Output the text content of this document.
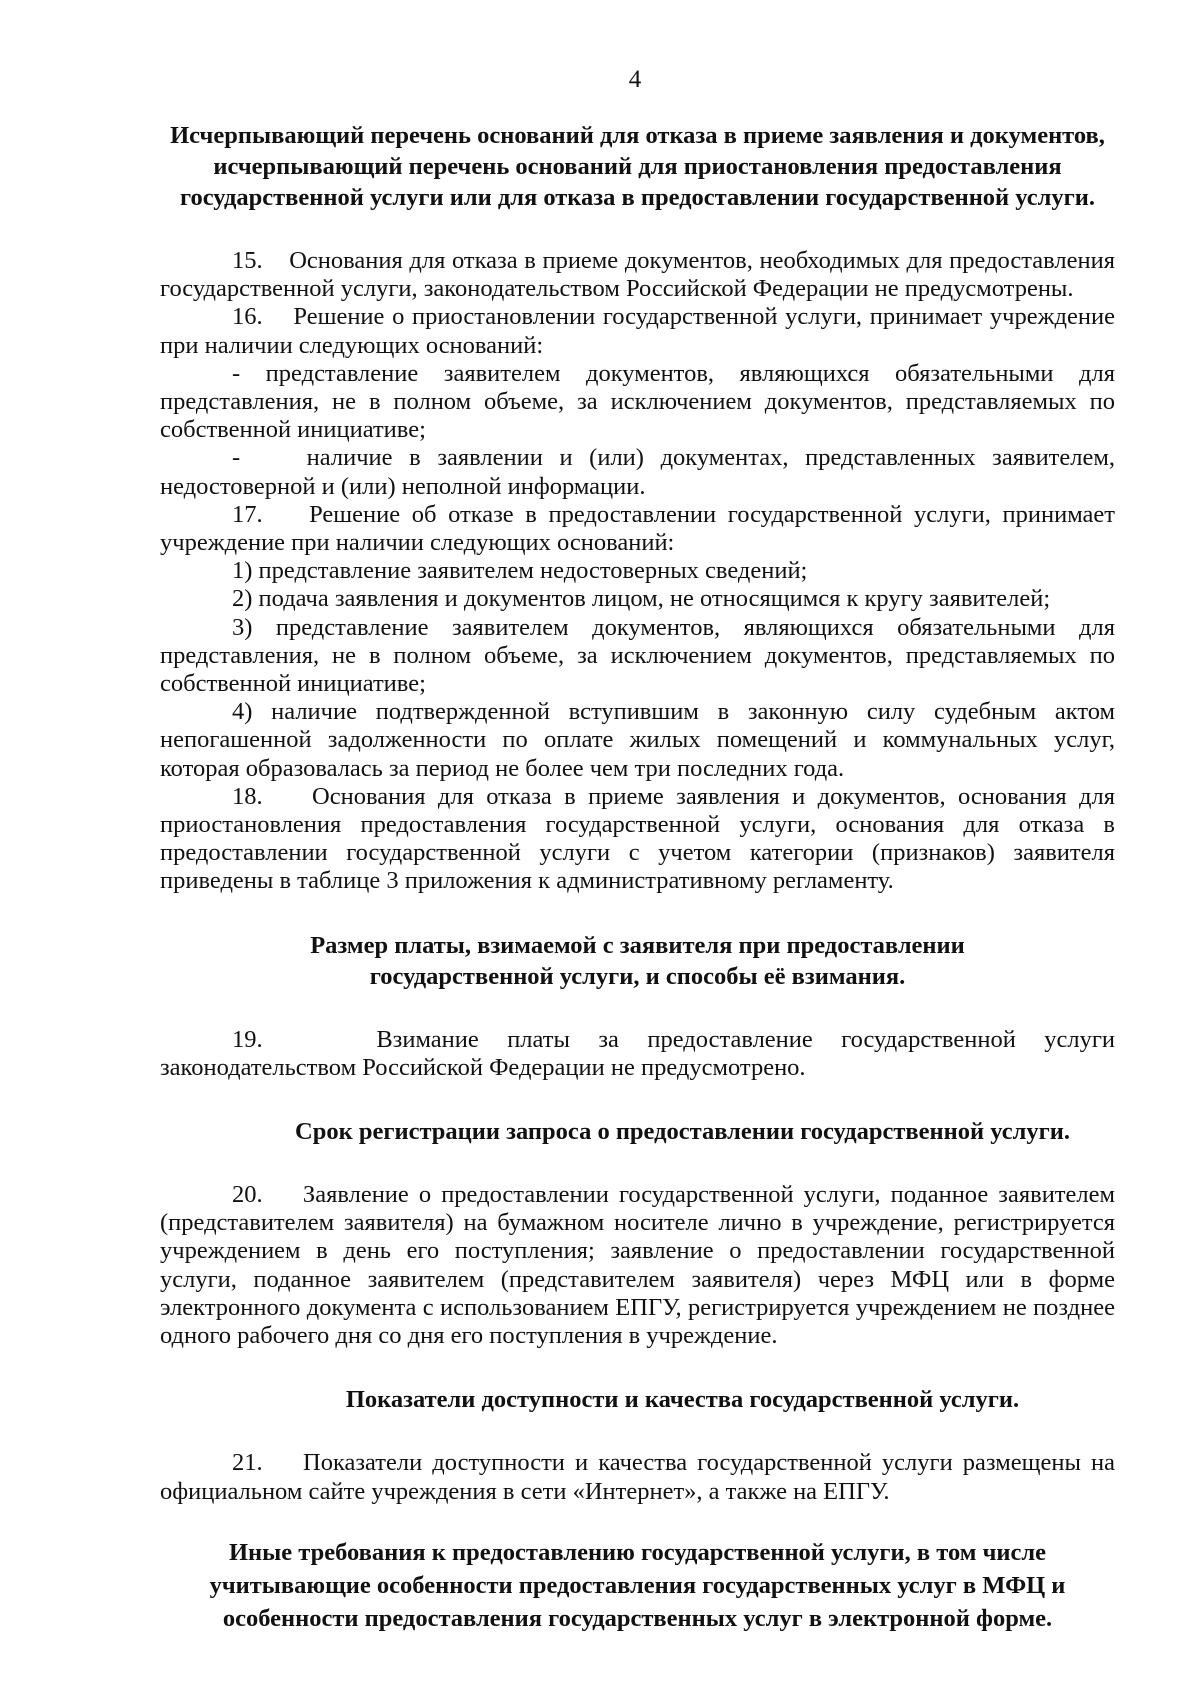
4

Исчерпывающий перечень оснований для отказа в приеме заявления и документов, исчерпывающий перечень оснований для приостановления предоставления государственной услуги или для отказа в предоставлении государственной услуги.

15.    Основания для отказа в приеме документов, необходимых для предоставления государственной услуги, законодательством Российской Федерации не предусмотрены.

16.    Решение о приостановлении государственной услуги, принимает учреждение при наличии следующих оснований:

- представление заявителем документов, являющихся обязательными для представления, не в полном объеме, за исключением документов, представляемых по собственной инициативе;

-    наличие в заявлении и (или) документах, представленных заявителем, недостоверной и (или) неполной информации.

17.    Решение об отказе в предоставлении государственной услуги, принимает учреждение при наличии следующих оснований:

1) представление заявителем недостоверных сведений;

2) подача заявления и документов лицом, не относящимся к кругу заявителей;

3) представление заявителем документов, являющихся обязательными для представления, не в полном объеме, за исключением документов, представляемых по собственной инициативе;

4) наличие подтвержденной вступившим в законную силу судебным актом непогашенной задолженности по оплате жилых помещений и коммунальных услуг, которая образовалась за период не более чем три последних года.

18.    Основания для отказа в приеме заявления и документов, основания для приостановления предоставления государственной услуги, основания для отказа в предоставлении государственной услуги с учетом категории (признаков) заявителя приведены в таблице 3 приложения к административному регламенту.

Размер платы, взимаемой с заявителя при предоставлении государственной услуги, и способы её взимания.

19.    Взимание платы за предоставление государственной услуги законодательством Российской Федерации не предусмотрено.

Срок регистрации запроса о предоставлении государственной услуги.

20.    Заявление о предоставлении государственной услуги, поданное заявителем (представителем заявителя) на бумажном носителе лично в учреждение, регистрируется учреждением в день его поступления; заявление о предоставлении государственной услуги, поданное заявителем (представителем заявителя) через МФЦ или в форме электронного документа с использованием ЕПГУ, регистрируется учреждением не позднее одного рабочего дня со дня его поступления в учреждение.

Показатели доступности и качества государственной услуги.

21.    Показатели доступности и качества государственной услуги размещены на официальном сайте учреждения в сети «Интернет», а также на ЕПГУ.

Иные требования к предоставлению государственной услуги, в том числе учитывающие особенности предоставления государственных услуг в МФЦ и особенности предоставления государственных услуг в электронной форме.
